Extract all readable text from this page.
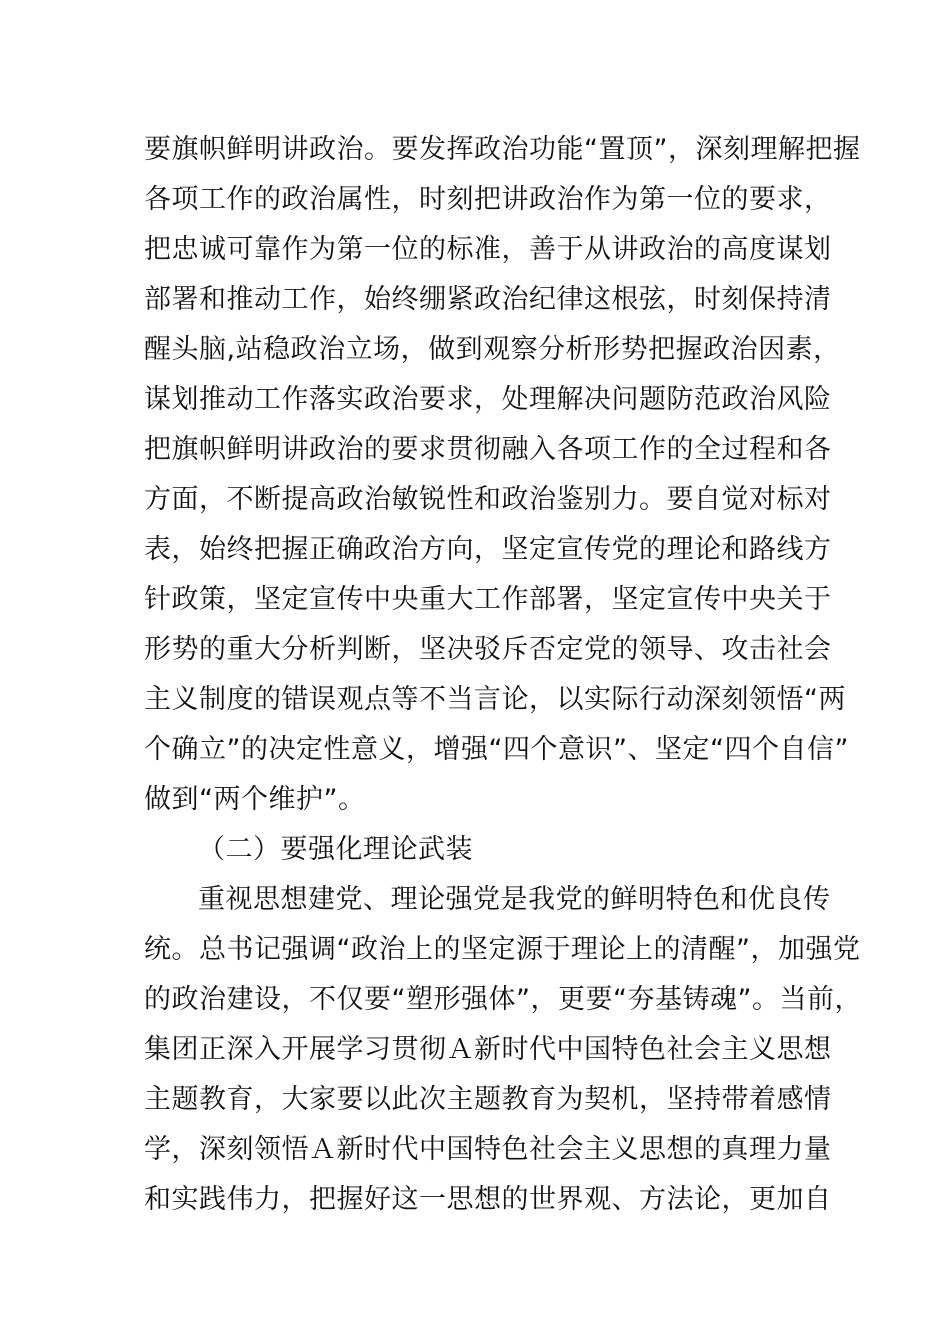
要旗帜鲜明讲政治。要发挥政治功能“置顶”，深刻理解把握

各项工作的政治属性，时刻把讲政治作为第一位的要求，

把忠诚可靠作为第一位的标准，善于从讲政治的高度谋划

部署和推动工作，始终绷紧政治纪律这根弦，时刻保持清

醒头脑,站稳政治立场，做到观察分析形势把握政治因素，

谋划推动工作落实政治要求，处理解决问题防范政治风险

把旗帜鲜明讲政治的要求贯彻融入各项工作的全过程和各

方面，不断提高政治敏锐性和政治鉴别力。要自觉对标对

表，始终把握正确政治方向，坚定宣传党的理论和路线方

针政策，坚定宣传中央重大工作部署，坚定宣传中央关于

形势的重大分析判断，坚决驳斥否定党的领导、攻击社会

主义制度的错误观点等不当言论，以实际行动深刻领悟“两

个确立”的决定性意义，增强“四个意识”、坚定“四个自信”

做到“两个维护”。

（二）要强化理论武装

重视思想建党、理论强党是我党的鲜明特色和优良传

统。总书记强调“政治上的坚定源于理论上的清醒”，加强党

的政治建设，不仅要“塑形强体”，更要“夯基铸魂”。当前，

集团正深入开展学习贯彻Ａ新时代中国特色社会主义思想

主题教育，大家要以此次主题教育为契机，坚持带着感情

学，深刻领悟Ａ新时代中国特色社会主义思想的真理力量

和实践伟力，把握好这一思想的世界观、方法论，更加自
